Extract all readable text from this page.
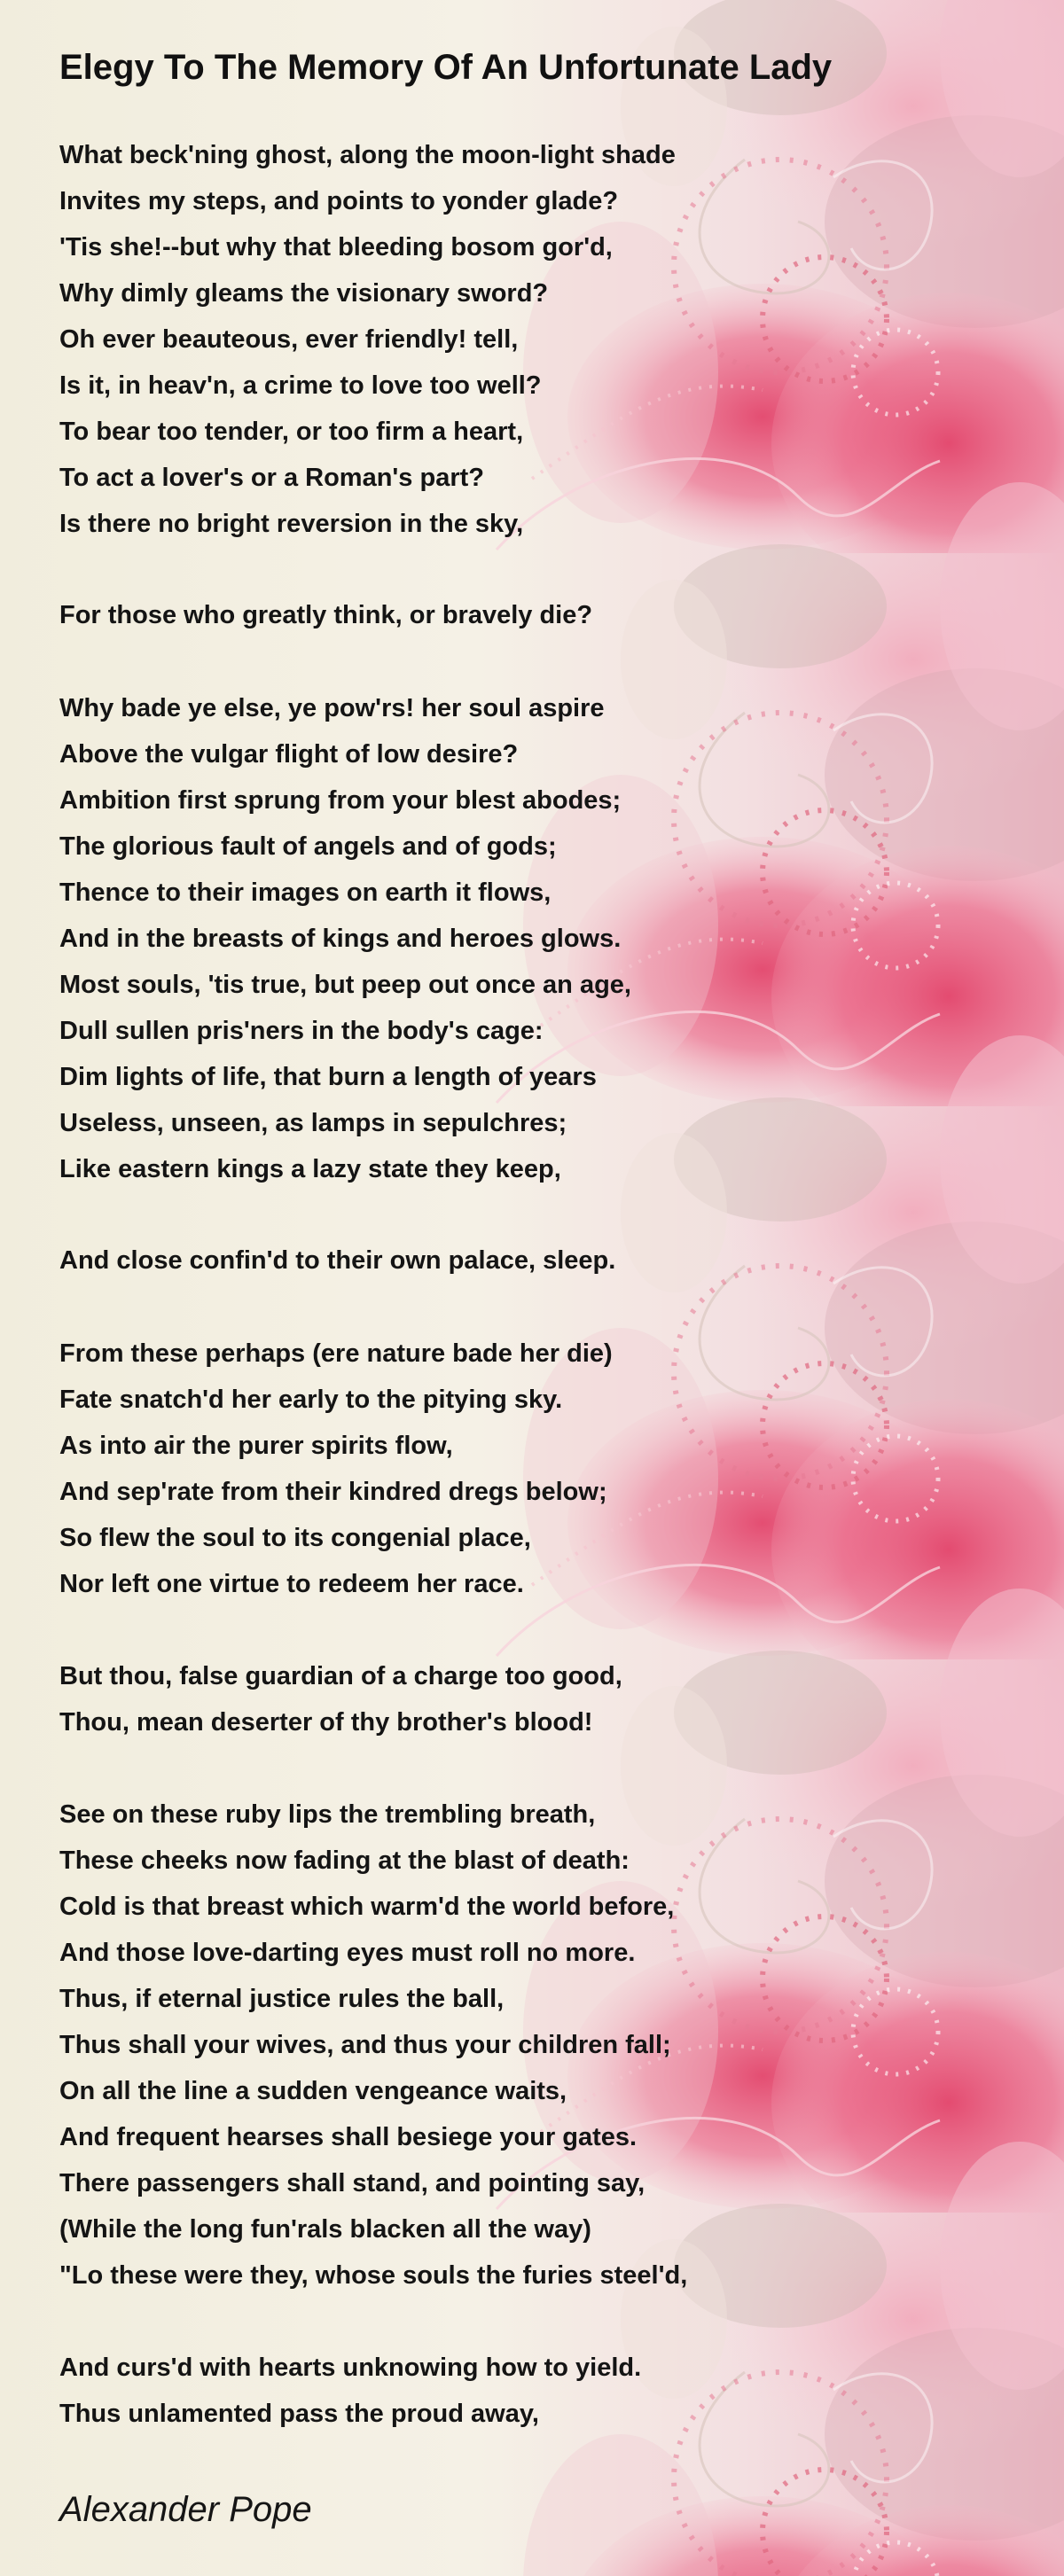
Elegy To The Memory Of An Unfortunate Lady
What beck'ning ghost, along the moon-light shade
Invites my steps, and points to yonder glade?
'Tis she!--but why that bleeding bosom gor'd,
Why dimly gleams the visionary sword?
Oh ever beauteous, ever friendly! tell,
Is it, in heav'n, a crime to love too well?
To bear too tender, or too firm a heart,
To act a lover's or a Roman's part?
Is there no bright reversion in the sky,
For those who greatly think, or bravely die?
Why bade ye else, ye pow'rs! her soul aspire
Above the vulgar flight of low desire?
Ambition first sprung from your blest abodes;
The glorious fault of angels and of gods;
Thence to their images on earth it flows,
And in the breasts of kings and heroes glows.
Most souls, 'tis true, but peep out once an age,
Dull sullen pris'ners in the body's cage:
Dim lights of life, that burn a length of years
Useless, unseen, as lamps in sepulchres;
Like eastern kings a lazy state they keep,
And close confin'd to their own palace, sleep.
From these perhaps (ere nature bade her die)
Fate snatch'd her early to the pitying sky.
As into air the purer spirits flow,
And sep'rate from their kindred dregs below;
So flew the soul to its congenial place,
Nor left one virtue to redeem her race.
But thou, false guardian of a charge too good,
Thou, mean deserter of thy brother's blood!
See on these ruby lips the trembling breath,
These cheeks now fading at the blast of death:
Cold is that breast which warm'd the world before,
And those love-darting eyes must roll no more.
Thus, if eternal justice rules the ball,
Thus shall your wives, and thus your children fall;
On all the line a sudden vengeance waits,
And frequent hearses shall besiege your gates.
There passengers shall stand, and pointing say,
(While the long fun'rals blacken all the way)
"Lo these were they, whose souls the furies steel'd,
And curs'd with hearts unknowing how to yield.
Thus unlamented pass the proud away,
Alexander Pope
